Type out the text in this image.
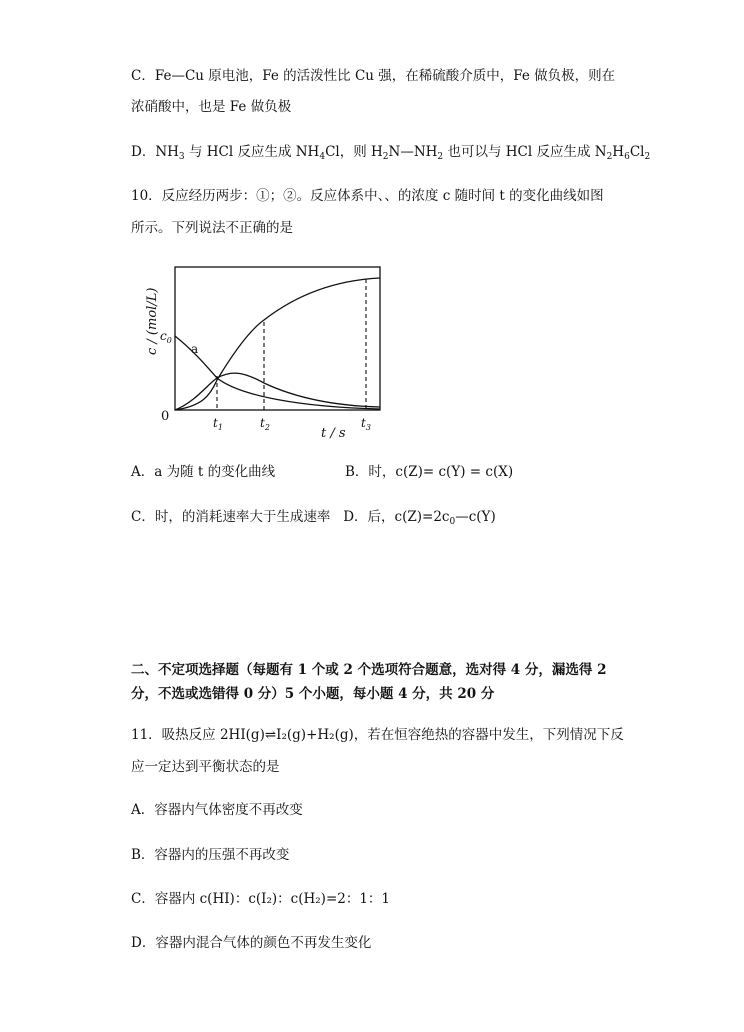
C．Fe—Cu 原电池，Fe 的活泼性比 Cu 强，在稀硫酸介质中，Fe 做负极，则在
浓硝酸中，也是 Fe 做负极
D．$NH_3$ 与 HCl 反应生成 $NH_4Cl$，则 $H_2N—NH_2$ 也可以与 HCl 反应生成 $N_2H_6Cl_2$
10．反应经历两步：①；②。反应体系中、、的浓度 c 随时间 t 的变化曲线如图
所示。下列说法不正确的是
c / (mol/L) $c_0$
a
0	$t_1$	$t_2$	t / s
$t_3$
A．a 为随 t 的变化曲线	B．时，c(Z)= c(Y) = c(X)
C．时，的消耗速率大于生成速率 D．后，$c(Z)=2c_0—c(Y)$
二、不定项选择题（每题有 1 个或 2 个选项符合题意，选对得 4 分，漏选得 2
分，不选或选错得 0 分）5 个小题，每小题 4 分，共 20 分
11．吸热反应 2HI(g)⇌I₂(g)+H₂(g)，若在恒容绝热的容器中发生，下列情况下反
应一定达到平衡状态的是
A．容器内气体密度不再改变
B．容器内的压强不再改变
C．容器内 c(HI)：c(I₂)：c(H₂)=2：1：1
D．容器内混合气体的颜色不再发生变化
